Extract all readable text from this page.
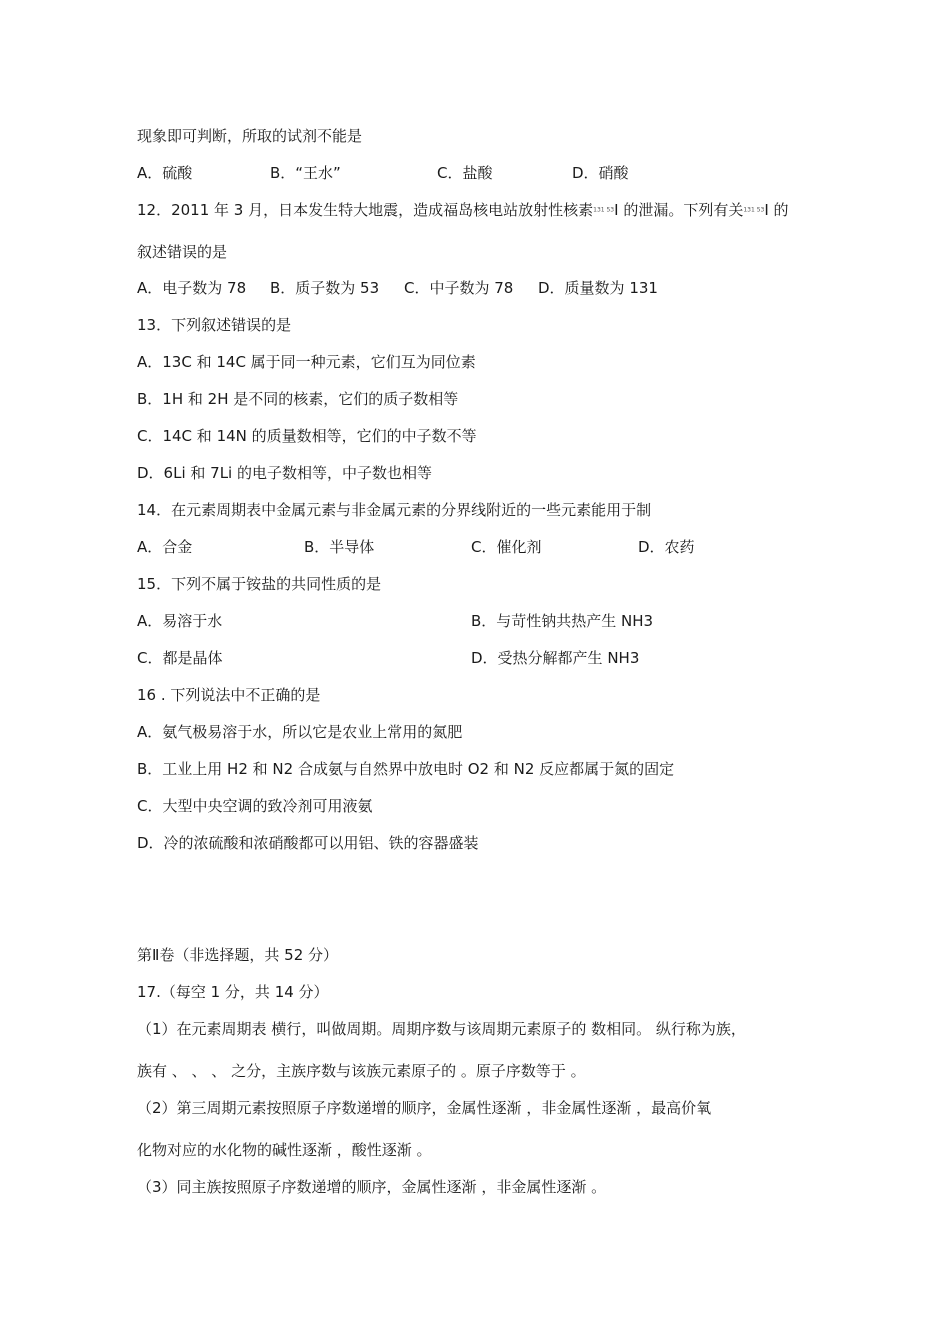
现象即可判断，所取的试剂不能是
A．硫酸	B．“王水”	C．盐酸	D．硝酸
12．2011 年 3 月，日本发生特大地震，造成福岛核电站放射性核素131 53I 的泄漏。下列有关131 53I 的
叙述错误的是
A．电子数为 78 B．质子数为 53 C．中子数为 78 D．质量数为 131
13．下列叙述错误的是
A．13C 和 14C 属于同一种元素，它们互为同位素
B．1H 和 2H 是不同的核素，它们的质子数相等
C．14C 和 14N 的质量数相等，它们的中子数不等
D．6Li 和 7Li 的电子数相等，中子数也相等
14．在元素周期表中金属元素与非金属元素的分界线附近的一些元素能用于制
A．合金	B．半导体	C．催化剂	D．农药
15．下列不属于铵盐的共同性质的是
A．易溶于水	B．与苛性钠共热产生 NH3
C．都是晶体	D．受热分解都产生 NH3
16 . 下列说法中不正确的是
A．氨气极易溶于水，所以它是农业上常用的氮肥
B．工业上用 H2 和 N2 合成氨与自然界中放电时 O2 和 N2 反应都属于氮的固定
C．大型中央空调的致冷剂可用液氨
D．冷的浓硫酸和浓硝酸都可以用铝、铁的容器盛装
第Ⅱ卷（非选择题，共 52 分）
17.（每空 1 分，共 14 分）
（1）在元素周期表 横行，叫做周期。周期序数与该周期元素原子的 数相同。 纵行称为族，
族有 、 、 、 之分，主族序数与该族元素原子的 。原子序数等于 。
（2）第三周期元素按照原子序数递增的顺序，金属性逐渐 ，非金属性逐渐 ，最高价氧
化物对应的水化物的碱性逐渐 ，酸性逐渐 。
（3）同主族按照原子序数递增的顺序，金属性逐渐 ，非金属性逐渐 。
